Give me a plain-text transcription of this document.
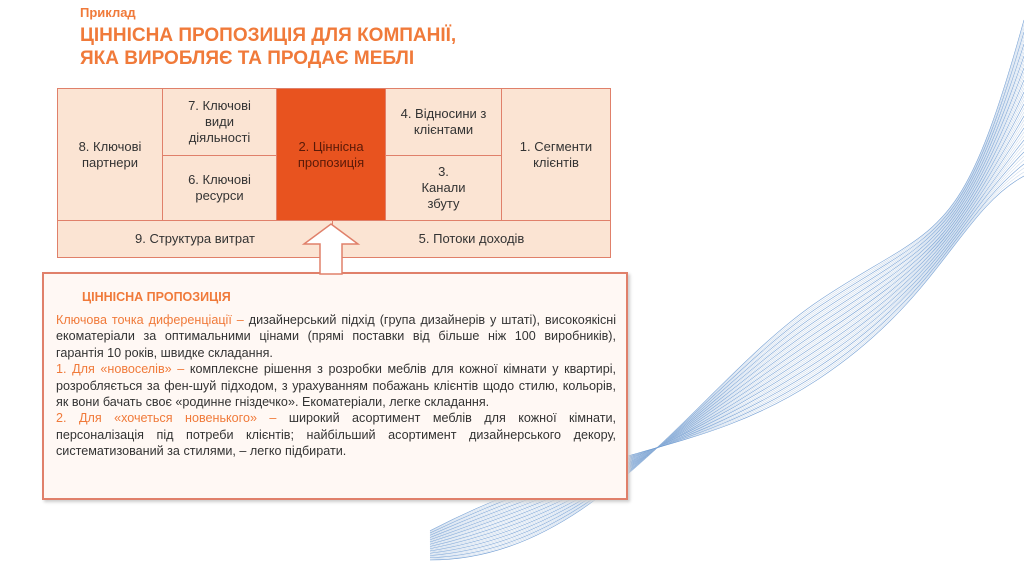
Приклад
ЦІННІСНА ПРОПОЗИЦІЯ ДЛЯ КОМПАНІЇ,
ЯКА ВИРОБЛЯЄ ТА ПРОДАЄ МЕБЛІ
8. Ключові партнери
7. Ключові види діяльності
6. Ключові ресурси
2. Ціннісна пропозиція
4. Відносини з клієнтами
3. Канали збуту
1. Сегменти клієнтів
9. Структура витрат	5. Потоки доходів
ЦІННІСНА ПРОПОЗИЦІЯ

Ключова точка диференціації – дизайнерський підхід (група дизайнерів у штаті), високоякісні екоматеріали за оптимальними цінами (прямі поставки від більше ніж 100 виробників), гарантія 10 років, швидке складання.
1. Для «новоселів» – комплексне рішення з розробки меблів для кожної кімнати у квартирі, розробляється за фен-шуй підходом, з урахуванням побажань клієнтів щодо стилю, кольорів, як вони бачать своє «родинне гніздечко». Екоматеріали, легке складання.
2. Для «хочеться новенького» – широкий асортимент меблів для кожної кімнати, персоналізація під потреби клієнтів; найбільший асортимент дизайнерського декору, систематизований за стилями, – легко підбирати.
